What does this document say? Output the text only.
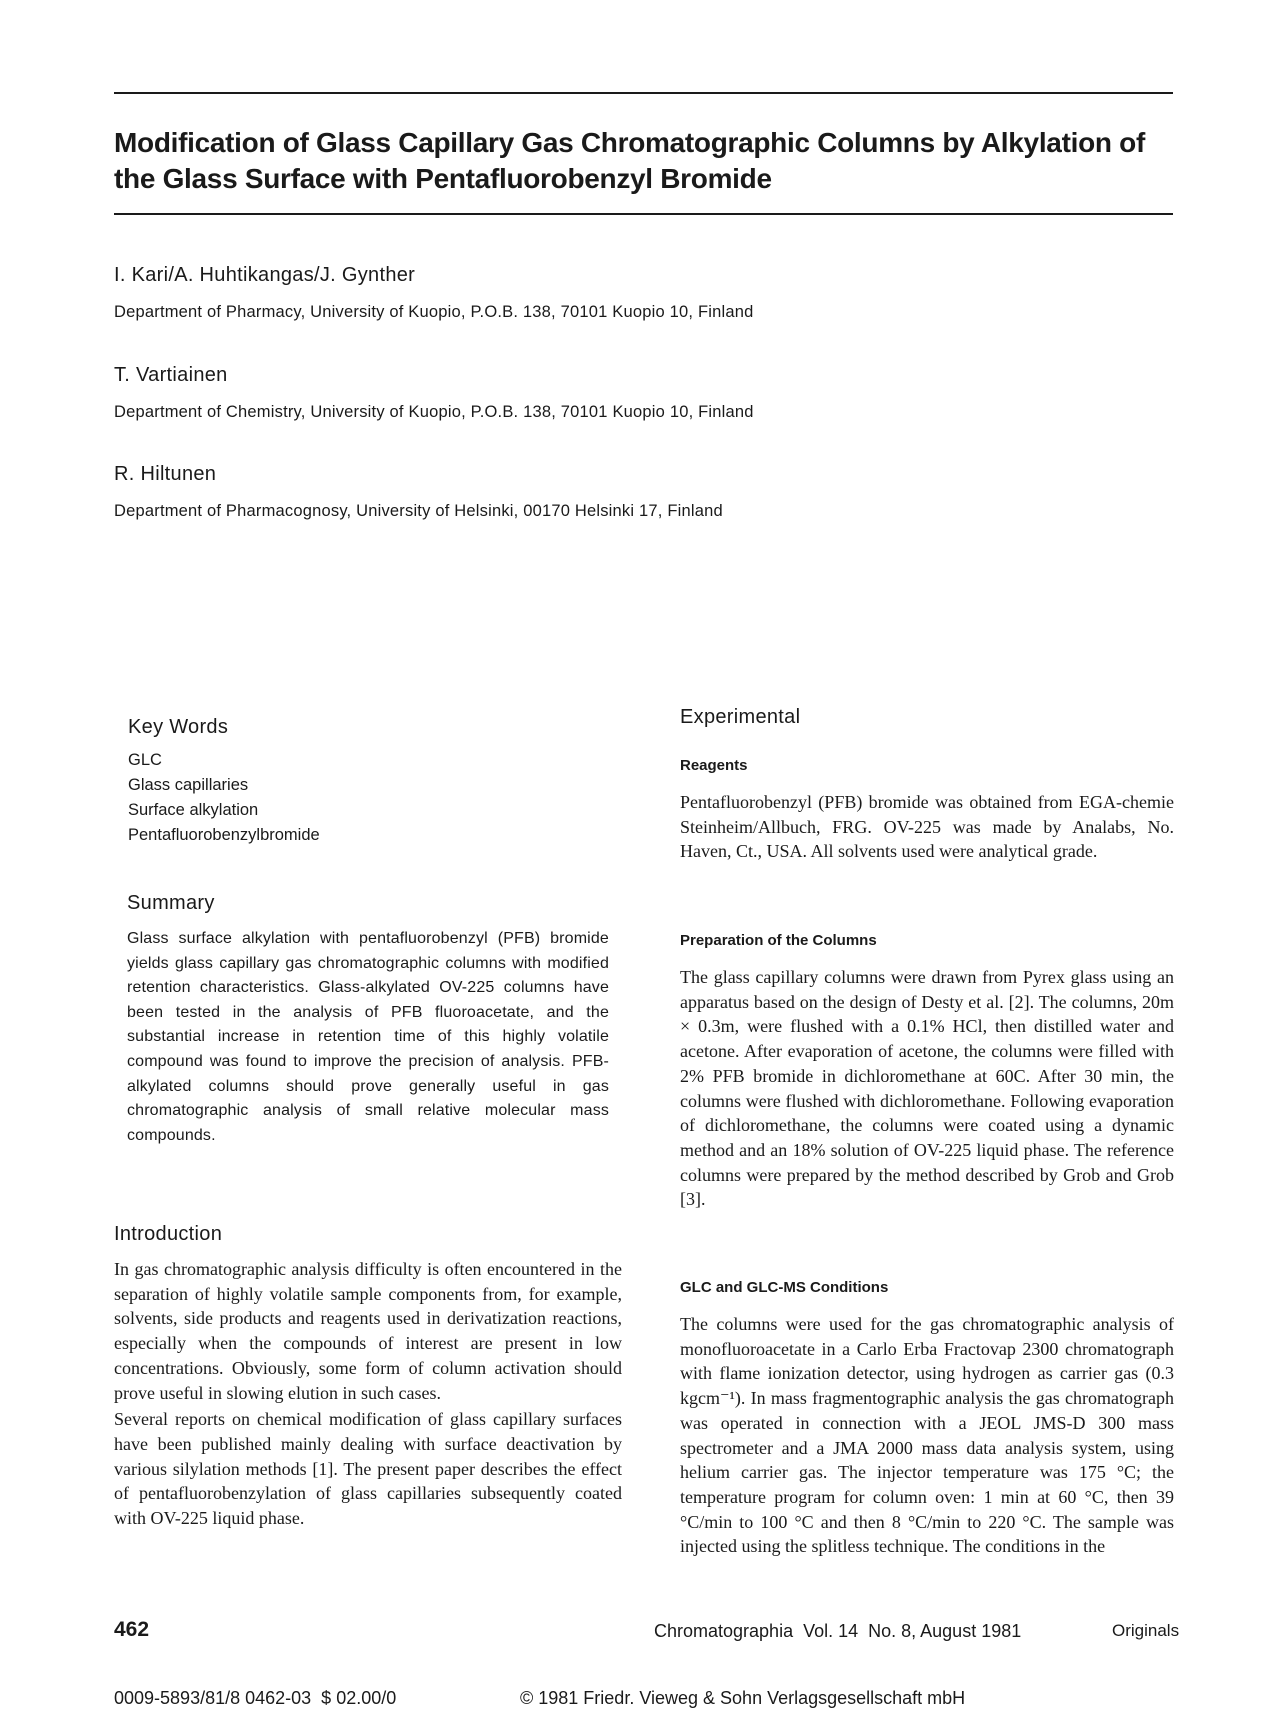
Modification of Glass Capillary Gas Chromatographic Columns by Alkylation of the Glass Surface with Pentafluorobenzyl Bromide
I. Kari/A. Huhtikangas/J. Gynther
Department of Pharmacy, University of Kuopio, P.O.B. 138, 70101 Kuopio 10, Finland
T. Vartiainen
Department of Chemistry, University of Kuopio, P.O.B. 138, 70101 Kuopio 10, Finland
R. Hiltunen
Department of Pharmacognosy, University of Helsinki, 00170 Helsinki 17, Finland
Key Words
GLC
Glass capillaries
Surface alkylation
Pentafluorobenzylbromide
Summary

Glass surface alkylation with pentafluorobenzyl (PFB) bromide yields glass capillary gas chromatographic columns with modified retention characteristics. Glass-alkylated OV-225 columns have been tested in the analysis of PFB fluoroacetate, and the substantial increase in retention time of this highly volatile compound was found to improve the precision of analysis. PFB-alkylated columns should prove generally useful in gas chromatographic analysis of small relative molecular mass compounds.

Introduction

In gas chromatographic analysis difficulty is often encountered in the separation of highly volatile sample components from, for example, solvents, side products and reagents used in derivatization reactions, especially when the compounds of interest are present in low concentrations. Obviously, some form of column activation should prove useful in slowing elution in such cases.

Several reports on chemical modification of glass capillary surfaces have been published mainly dealing with surface deactivation by various silylation methods [1]. The present paper describes the effect of pentafluorobenzylation of glass capillaries subsequently coated with OV-225 liquid phase.

Experimental
Reagents

Pentafluorobenzyl (PFB) bromide was obtained from EGA-chemie Steinheim/Allbuch, FRG. OV-225 was made by Analabs, No. Haven, Ct., USA. All solvents used were analytical grade.

Preparation of the Columns

The glass capillary columns were drawn from Pyrex glass using an apparatus based on the design of Desty et al. [2]. The columns, 20m × 0.3m, were flushed with a 0.1% HCl, then distilled water and acetone. After evaporation of acetone, the columns were filled with 2% PFB bromide in dichloromethane at 60C. After 30 min, the columns were flushed with dichloromethane. Following evaporation of dichloromethane, the columns were coated using a dynamic method and an 18% solution of OV-225 liquid phase. The reference columns were prepared by the method described by Grob and Grob [3].

GLC and GLC-MS Conditions

The columns were used for the gas chromatographic analysis of monofluoroacetate in a Carlo Erba Fractovap 2300 chromatograph with flame ionization detector, using hydrogen as carrier gas (0.3 kgcm⁻¹). In mass fragmentographic analysis the gas chromatograph was operated in connection with a JEOL JMS-D 300 mass spectrometer and a JMA 2000 mass data analysis system, using helium carrier gas. The injector temperature was 175 °C; the temperature program for column oven: 1 min at 60 °C, then 39 °C/min to 100 °C and then 8 °C/min to 220 °C. The sample was injected using the splitless technique. The conditions in the

462	Chromatographia  Vol. 14  No. 8, August 1981	Originals
0009-5893/81/8 0462-03  $ 02.00/0	© 1981 Friedr. Vieweg & Sohn Verlagsgesellschaft mbH
